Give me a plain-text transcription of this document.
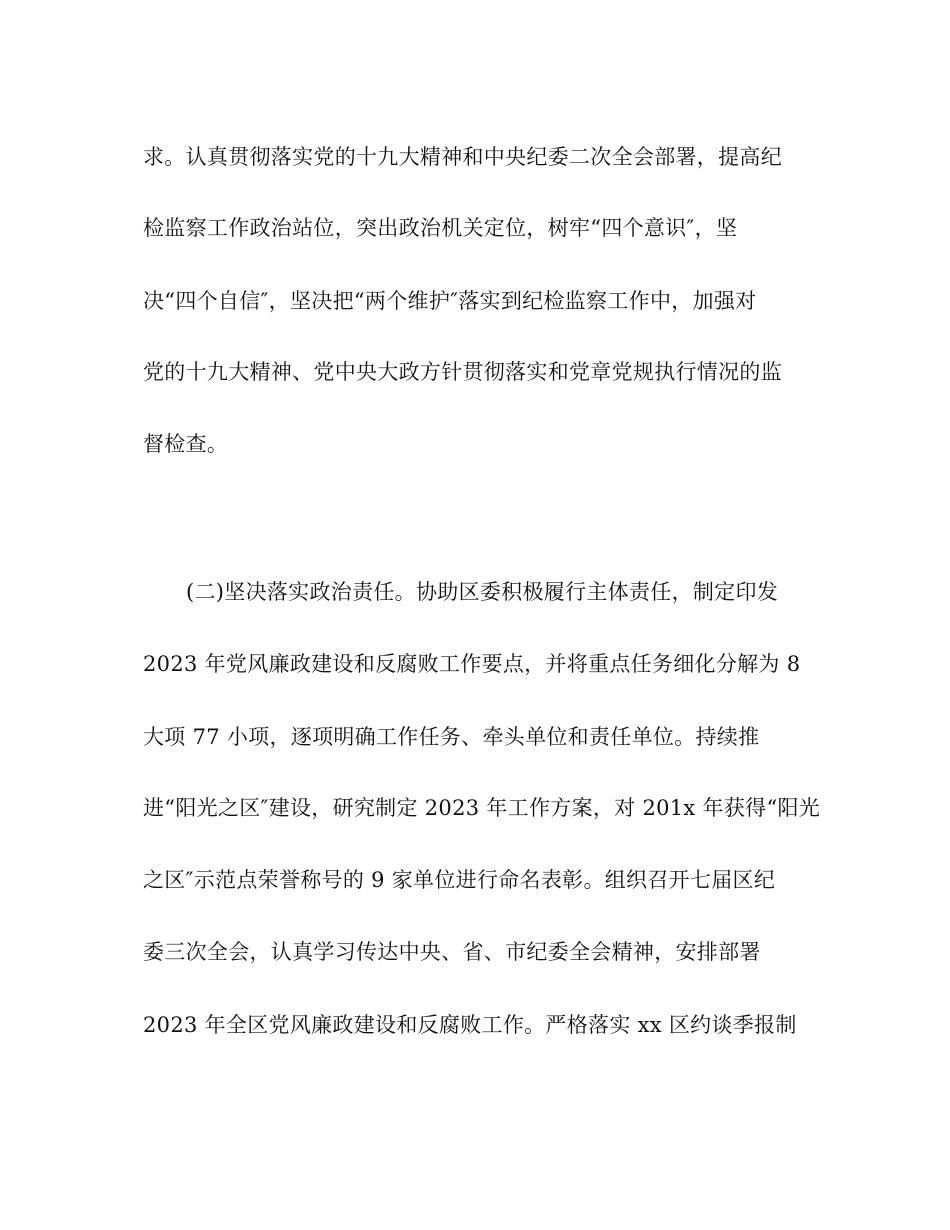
求。认真贯彻落实党的十九大精神和中央纪委二次全会部署，提高纪
检监察工作政治站位，突出政治机关定位，树牢“四个意识″，坚
决“四个自信″，坚决把“两个维护″落实到纪检监察工作中，加强对
党的十九大精神、党中央大政方针贯彻落实和党章党规执行情况的监
督检查。
(二)坚决落实政治责任。协助区委积极履行主体责任，制定印发
2023 年党风廉政建设和反腐败工作要点，并将重点任务细化分解为 8
大项 77 小项，逐项明确工作任务、牵头单位和责任单位。持续推
进“阳光之区″建设，研究制定 2023 年工作方案，对 201x 年获得“阳光
之区″示范点荣誉称号的 9 家单位进行命名表彰。组织召开七届区纪
委三次全会，认真学习传达中央、省、市纪委全会精神，安排部署
2023 年全区党风廉政建设和反腐败工作。严格落实 xx 区约谈季报制
